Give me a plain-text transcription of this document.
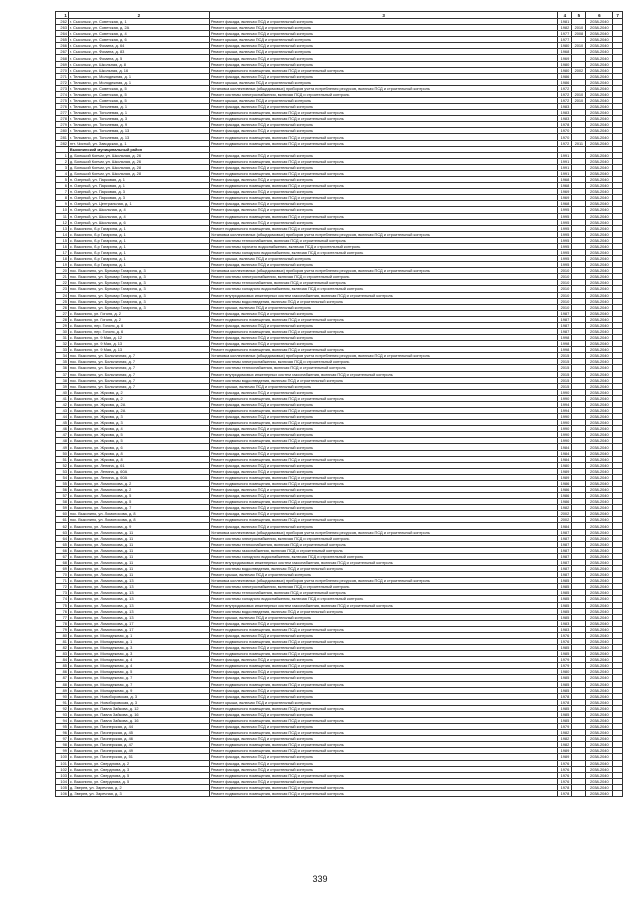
1	2	3	4	5	6	7
262	г. Сысольск, ул. Советская, д. 1	Ремонт фасада, включая ПСД и строительный контроль	1981		2038-2040	
263	г. Сысольск, ул. Советская, д. 2А	Ремонт крыши, включая ПСД и строительный контроль	1982	2010	2038-2040	
264	г. Сысольск, ул. Советская, д. 4	Ремонт фасада, включая ПСД и строительный контроль	1977	2008	2038-2040	
265	г. Сысольск, ул. Советская, д. 6	Ремонт крыши, включая ПСД и строительный контроль	1977		2038-2040	
266	г. Сысольск, ул. Фомина, д. 64	Ремонт фасада, включая ПСД и строительный контроль	1980	2010	2038-2040	
267	г. Сысольск, ул. Фомина, д. 83	Ремонт крыши, включая ПСД и строительный контроль	1968		2038-2040	
268	г. Сысольск, ул. Фомина, д. 5	Ремонт фасада, включая ПСД и строительный контроль	1969		2038-2040	
269	г. Сысольск, ул. Школьная, д. 8	Ремонт фасада, включая ПСД и строительный контроль	1980		2038-2040	
270	г. Сысольск, ул. Школьная, д. 16	Ремонт подвального помещения, включая ПСД и строительный контроль	1980	2002	2038-2040	
271	г. Тельмино, ул. Молодежная, д. 1	Ремонт фасада, включая ПСД и строительный контроль	1986		2038-2040	
272	г. Тельмино, ул. Молодежная, д. 1	Ремонт крыши, включая ПСД и строительный контроль	1986		2038-2040	
273	г. Тельмино, ул. Советская, д. 5	Установка коллективных (общедомовых) приборов учета потребления ресурсов, включая ПСД и строительный контроль	1972		2038-2040	
274	г. Тельмино, ул. Советская, д. 5	Ремонт системы электроснабжения, включая ПСД и строительный контроль	1972	2010	2038-2040	
275	г. Тельмино, ул. Советская, д. 5	Ремонт крыши, включая ПСД и строительный контроль	1972	2010	2038-2040	
276	г. Тельмино, ул. Тополевая, д. 1	Ремонт фасада, включая ПСД и строительный контроль	1983		2038-2040	
277	г. Тельмино, ул. Тополевая, д. 1	Ремонт подвального помещения, включая ПСД и строительный контроль	1983		2038-2040	
278	г. Тельмино, ул. Тополевая, д. 3	Ремонт подвального помещения, включая ПСД и строительный контроль	1983		2038-2040	
279	г. Тельмино, ул. Тополевая, д. 9	Ремонт фасада, включая ПСД и строительный контроль	1978		2038-2040	
280	г. Тельмино, ул. Тополевая, д. 13	Ремонт фасада, включая ПСД и строительный контроль	1970		2038-2040	
281	г. Тельмино, ул. Тополевая, д. 13	Ремонт подвального помещения, включая ПСД и строительный контроль	1970		2038-2040	
282	пгт. Чистый, ул. Заводская, д. 1	Ремонт подвального помещения, включая ПСД и строительный контроль	1972	2011	2038-2040	
	Выкопинский муниципальный район					
1	д. Большой Кончаг, ул. Школьная, д. 26	Ремонт фасада, включая ПСД и строительный контроль	1991		2038-2040	
2	д. Большой Кончаг, ул. Школьная, д. 26	Ремонт подвального помещения, включая ПСД и строительный контроль	1991		2038-2040	
3	д. Большой Кончаг, ул. Школьная, д. 28	Ремонт фасада, включая ПСД и строительный контроль	1991		2038-2040	
4	д. Большой Кончаг, ул. Школьная, д. 28	Ремонт подвального помещения, включая ПСД и строительный контроль	1991		2038-2040	
5	п. Озерный, ул. Парковая, д. 1	Ремонт фасада, включая ПСД и строительный контроль	1968		2038-2040	
6	п. Озерный, ул. Парковая, д. 1	Ремонт подвального помещения, включая ПСД и строительный контроль	1968		2038-2040	
7	п. Озерный, ул. Парковая, д. 3	Ремонт фасада, включая ПСД и строительный контроль	1969		2038-2040	
8	п. Озерный, ул. Парковая, д. 3	Ремонт подвального помещения, включая ПСД и строительный контроль	1969		2038-2040	
9	п. Озерный, ул. Центральная, д. 1	Ремонт фасада, включая ПСД и строительный контроль	1968		2038-2040	
10	п. Озерный, ул. Школьная, д. 4	Ремонт фасада, включая ПСД и строительный контроль	1995		2038-2040	
11	п. Озерный, ул. Школьная, д. 4	Ремонт подвального помещения, включая ПСД и строительный контроль	1995		2038-2040	
12	п. Озерный, ул. Школьная, д. 6	Ремонт фасада, включая ПСД и строительный контроль	1995		2038-2040	
13	с. Выкопино, б-р Гагарина, д. 1	Ремонт подвального помещения, включая ПСД и строительный контроль	1995		2038-2040	
14	с. Выкопино, б-р Гагарина, д. 1	Установка коллективных (общедомовых) приборов учета потребления ресурсов, включая ПСД и строительный контроль	1995		2038-2040	
15	с. Выкопино, б-р Гагарина, д. 1	Ремонт системы теплоснабжения, включая ПСД и строительный контроль	1995		2038-2040	
16	с. Выкопино, б-р Гагарина, д. 1	Ремонт системы горячего водоснабжения, включая ПСД и строительный контроль	1995		2038-2040	
17	с. Выкопино, б-р Гагарина, д. 1	Ремонт системы холодного водоснабжения, включая ПСД и строительный контроль	1995		2038-2040	
18	с. Выкопино, б-р Гагарина, д. 1	Ремонт крыши, включая ПСД и строительный контроль	1995		2038-2040	
19	с. Выкопино, б-р Гагарина, д. 1	Ремонт фасада, включая ПСД и строительный контроль	1995		2038-2040	
20	пос. Выкопино, ул. Бульвар Гагарина, д. 3	Установка коллективных (общедомовых) приборов учета потребления ресурсов, включая ПСД и строительный контроль	2010		2038-2040	
21	пос. Выкопино, ул. Бульвар Гагарина, д. 3	Ремонт системы электроснабжения, включая ПСД и строительный контроль	2010		2038-2040	
22	пос. Выкопино, ул. Бульвар Гагарина, д. 3	Ремонт системы теплоснабжения, включая ПСД и строительный контроль	2010		2038-2040	
23	пос. Выкопино, ул. Бульвар Гагарина, д. 3	Ремонт системы холодного водоснабжения, включая ПСД и строительный контроль	2010		2038-2040	
24	пос. Выкопино, ул. Бульвар Гагарина, д. 3	Ремонт внутридомовых инженерных систем газоснабжения, включая ПСД и строительный контроль	2010		2038-2040	
25	пос. Выкопино, ул. Бульвар Гагарина, д. 3	Ремонт системы водоотведения, включая ПСД и строительный контроль	2010		2038-2040	
26	пос. Выкопино, ул. Бульвар Гагарина, д. 3	Ремонт крыши, включая ПСД и строительный контроль	2010		2038-2040	
27	с. Выкопино, ул. Гоголя, д. 2	Ремонт фасада, включая ПСД и строительный контроль	1987		2038-2040	
28	с. Выкопино, ул. Гоголя, д. 2	Ремонт подвального помещения, включая ПСД и строительный контроль	1987		2038-2040	
29	с. Выкопино, пер. Гоголя, д. 6	Ремонт фасада, включая ПСД и строительный контроль	1987		2038-2040	
30	с. Выкопино, пер. Гоголя, д. 6	Ремонт подвального помещения, включая ПСД и строительный контроль	1987		2038-2040	
31	с. Выкопино, ул. 9 Мая, д. 12	Ремонт фасада, включая ПСД и строительный контроль	1998		2038-2040	
32	с. Выкопино, ул. 9 Мая, д. 13	Ремонт фасада, включая ПСД и строительный контроль	1998		2038-2040	
33	с. Выкопино, ул. 9 Мая, д. 13	Ремонт подвального помещения, включая ПСД и строительный контроль	1998		2038-2040	
34	пос. Выкопино, ул. Больничная, д. 7	Установка коллективных (общедомовых) приборов учета потребления ресурсов, включая ПСД и строительный контроль	2015		2038-2040	
35	пос. Выкопино, ул. Больничная, д. 7	Ремонт системы электроснабжения, включая ПСД и строительный контроль	2015		2038-2040	
36	пос. Выкопино, ул. Больничная, д. 7	Ремонт системы теплоснабжения, включая ПСД и строительный контроль	2015		2038-2040	
37	пос. Выкопино, ул. Больничная, д. 7	Ремонт внутридомовых инженерных систем газоснабжения, включая ПСД и строительный контроль	2015		2038-2040	
38	пос. Выкопино, ул. Больничная, д. 7	Ремонт системы водоотведения, включая ПСД и строительный контроль	2015		2038-2040	
39	пос. Выкопино, ул. Больничная, д. 7	Ремонт крыши, включая ПСД и строительный контроль	2015		2038-2040	
40	с. Выкопино, ул. Жукова, д. 2	Ремонт фасада, включая ПСД и строительный контроль	1990		2038-2040	
41	с. Выкопино, ул. Жукова, д. 2	Ремонт подвального помещения, включая ПСД и строительный контроль	1990		2038-2040	
42	с. Выкопино, ул. Жукова, д. 2А	Ремонт фасада, включая ПСД и строительный контроль	1994		2038-2040	
43	с. Выкопино, ул. Жукова, д. 2А	Ремонт подвального помещения, включая ПСД и строительный контроль	1994		2038-2040	
44	с. Выкопино, ул. Жукова, д. 3	Ремонт фасада, включая ПСД и строительный контроль	1990		2038-2040	
45	с. Выкопино, ул. Жукова, д. 3	Ремонт подвального помещения, включая ПСД и строительный контроль	1990		2038-2040	
46	с. Выкопино, ул. Жукова, д. 4	Ремонт фасада, включая ПСД и строительный контроль	1990		2038-2040	
47	с. Выкопино, ул. Жукова, д. 5	Ремонт фасада, включая ПСД и строительный контроль	1990		2038-2040	
48	с. Выкопино, ул. Жукова, д. 5	Ремонт подвального помещения, включая ПСД и строительный контроль	1990		2038-2040	
49	с. Выкопино, ул. Жукова, д. 6	Ремонт фасада, включая ПСД и строительный контроль	1984		2038-2040	
50	с. Выкопино, ул. Жукова, д. 8	Ремонт фасада, включая ПСД и строительный контроль	1984		2038-2040	
51	с. Выкопино, ул. Жукова, д. 8	Ремонт подвального помещения, включая ПСД и строительный контроль	1984		2038-2040	
52	с. Выкопино, ул. Ленина, д. 61	Ремонт фасада, включая ПСД и строительный контроль	1980		2038-2040	
53	с. Выкопино, ул. Ленина, д. 60А	Ремонт фасада, включая ПСД и строительный контроль	1989		2038-2040	
54	с. Выкопино, ул. Ленина, д. 60А	Ремонт подвального помещения, включая ПСД и строительный контроль	1989		2038-2040	
55	с. Выкопино, ул. Ломоносова, д. 2	Ремонт подвального помещения, включая ПСД и строительный контроль	1986		2038-2040	
56	с. Выкопино, ул. Ломоносова, д. 2	Ремонт фасада, включая ПСД и строительный контроль	1986		2038-2040	
57	с. Выкопино, ул. Ломоносова, д. 5	Ремонт фасада, включая ПСД и строительный контроль	1986		2038-2040	
58	с. Выкопино, ул. Ломоносова, д. 5	Ремонт подвального помещения, включая ПСД и строительный контроль	1986		2038-2040	
59	с. Выкопино, ул. Ломоносова, д. 7	Ремонт фасада, включая ПСД и строительный контроль	1982		2038-2040	
60	пос. Выкопино, ул. Ломоносова, д. 8	Ремонт фасада, включая ПСД и строительный контроль	2002		2038-2040	
61	пос. Выкопино, ул. Ломоносова, д. 8	Ремонт подвального помещения, включая ПСД и строительный контроль	2002		2038-2040	
62	с. Выкопино, ул. Ломоносова, д. 9	Ремонт фасада, включая ПСД и строительный контроль	1984		2038-2040	
63	с. Выкопино, ул. Ломоносова, д. 11	Установка коллективных (общедомовых) приборов учета потребления ресурсов, включая ПСД и строительный контроль	1987		2038-2040	
64	с. Выкопино, ул. Ломоносова, д. 11	Ремонт системы электроснабжения, включая ПСД и строительный контроль	1987		2038-2040	
65	с. Выкопино, ул. Ломоносова, д. 11	Ремонт системы теплоснабжения, включая ПСД и строительный контроль	1987		2038-2040	
66	с. Выкопино, ул. Ломоносова, д. 11	Ремонт системы газоснабжения, включая ПСД и строительный контроль	1987		2038-2040	
67	с. Выкопино, ул. Ломоносова, д. 11	Ремонт системы холодного водоснабжения, включая ПСД и строительный контроль	1987		2038-2040	
68	с. Выкопино, ул. Ломоносова, д. 11	Ремонт внутридомовых инженерных систем газоснабжения, включая ПСД и строительный контроль	1987		2038-2040	
69	с. Выкопино, ул. Ломоносова, д. 11	Ремонт системы водоотведения, включая ПСД и строительный контроль	1987		2038-2040	
70	с. Выкопино, ул. Ломоносова, д. 11	Ремонт крыши, включая ПСД и строительный контроль	1987		2038-2040	
71	с. Выкопино, ул. Ломоносова, д. 13	Установка коллективных (общедомовых) приборов учета потребления ресурсов, включая ПСД и строительный контроль	1985		2038-2040	
72	с. Выкопино, ул. Ломоносова, д. 13	Ремонт системы электроснабжения, включая ПСД и строительный контроль	1985		2038-2040	
73	с. Выкопино, ул. Ломоносова, д. 13	Ремонт системы теплоснабжения, включая ПСД и строительный контроль	1985		2038-2040	
74	с. Выкопино, ул. Ломоносова, д. 13	Ремонт системы холодного водоснабжения, включая ПСД и строительный контроль	1985		2038-2040	
75	с. Выкопино, ул. Ломоносова, д. 13	Ремонт внутридомовых инженерных систем газоснабжения, включая ПСД и строительный контроль	1985		2038-2040	
76	с. Выкопино, ул. Ломоносова, д. 13	Ремонт системы водоотведения, включая ПСД и строительный контроль	1985		2038-2040	
77	с. Выкопино, ул. Ломоносова, д. 13	Ремонт крыши, включая ПСД и строительный контроль	1985		2038-2040	
78	с. Выкопино, ул. Ломоносова, д. 17	Ремонт фасада, включая ПСД и строительный контроль	1983		2038-2040	
79	с. Выкопино, ул. Ломоносова, д. 17	Ремонт подвального помещения, включая ПСД и строительный контроль	1983		2038-2040	
80	с. Выкопино, ул. Молодежная, д. 1	Ремонт фасада, включая ПСД и строительный контроль	1976		2038-2040	
81	с. Выкопино, ул. Молодежная, д. 1	Ремонт подвального помещения, включая ПСД и строительный контроль	1976		2038-2040	
82	с. Выкопино, ул. Молодежная, д. 3	Ремонт фасада, включая ПСД и строительный контроль	1985		2038-2040	
83	с. Выкопино, ул. Молодежная, д. 3	Ремонт подвального помещения, включая ПСД и строительный контроль	1985		2038-2040	
84	с. Выкопино, ул. Молодежная, д. 4	Ремонт фасада, включая ПСД и строительный контроль	1979		2038-2040	
85	с. Выкопино, ул. Молодежная, д. 4	Ремонт подвального помещения, включая ПСД и строительный контроль	1979		2038-2040	
86	с. Выкопино, ул. Молодежная, д. 5	Ремонт фасада, включая ПСД и строительный контроль	1980		2038-2040	
87	с. Выкопино, ул. Молодежная, д. 7	Ремонт фасада, включая ПСД и строительный контроль	1985		2038-2040	
88	с. Выкопино, ул. Молодежная, д. 7	Ремонт подвального помещения, включая ПСД и строительный контроль	1985		2038-2040	
89	с. Выкопино, ул. Молодежная, д. 9	Ремонт фасада, включая ПСД и строительный контроль	1985		2038-2040	
90	с. Выкопино, ул. Новоборовская, д. 3	Ремонт фасада, включая ПСД и строительный контроль	1978		2038-2040	
91	с. Выкопино, ул. Новоборовская, д. 3	Ремонт крыши, включая ПСД и строительный контроль	1978		2038-2040	
92	с. Выкопино, ул. Павла Зайкова, д. 12	Ремонт подвального помещения, включая ПСД и строительный контроль	1985		2038-2040	
93	с. Выкопино, ул. Павла Зайкова, д. 16	Ремонт фасада, включая ПСД и строительный контроль	1985		2038-2040	
94	с. Выкопино, ул. Павла Зайкова, д. 16	Ремонт подвального помещения, включая ПСД и строительный контроль	1985		2038-2040	
95	с. Выкопино, ул. Пионерская, д. 44	Ремонт фасада, включая ПСД и строительный контроль	1979		2038-2040	
96	с. Выкопино, ул. Пионерская, д. 45	Ремонт подвального помещения, включая ПСД и строительный контроль	1982		2038-2040	
97	с. Выкопино, ул. Пионерская, д. 46	Ремонт фасада, включая ПСД и строительный контроль	1982		2038-2040	
98	с. Выкопино, ул. Пионерская, д. 47	Ремонт подвального помещения, включая ПСД и строительный контроль	1982		2038-2040	
99	с. Выкопино, ул. Пионерская, д. 49	Ремонт подвального помещения, включая ПСД и строительный контроль	1989		2038-2040	
100	с. Выкопино, ул. Пионерская, д. 51	Ремонт фасада, включая ПСД и строительный контроль	1989		2038-2040	
101	с. Выкопино, ул. Свердлова, д. 2	Ремонт фасада, включая ПСД и строительный контроль	1976		2038-2040	
102	с. Выкопино, ул. Свердлова, д. 3	Ремонт фасада, включая ПСД и строительный контроль	1976		2038-2040	
103	с. Выкопино, ул. Свердлова, д. 5	Ремонт подвального помещения, включая ПСД и строительный контроль	1976		2038-2040	
104	с. Выкопино, ул. Свердлова, д. 5	Ремонт фасада, включая ПСД и строительный контроль	1976		2038-2040	
105	д. Зверев, ул. Заречная, д. 2	Ремонт подвального помещения, включая ПСД и строительный контроль	1978		2038-2040	
106	д. Зверев, ул. Заречная, д. 3	Ремонт подвального помещения, включая ПСД и строительный контроль	1978		2038-2040	
339
